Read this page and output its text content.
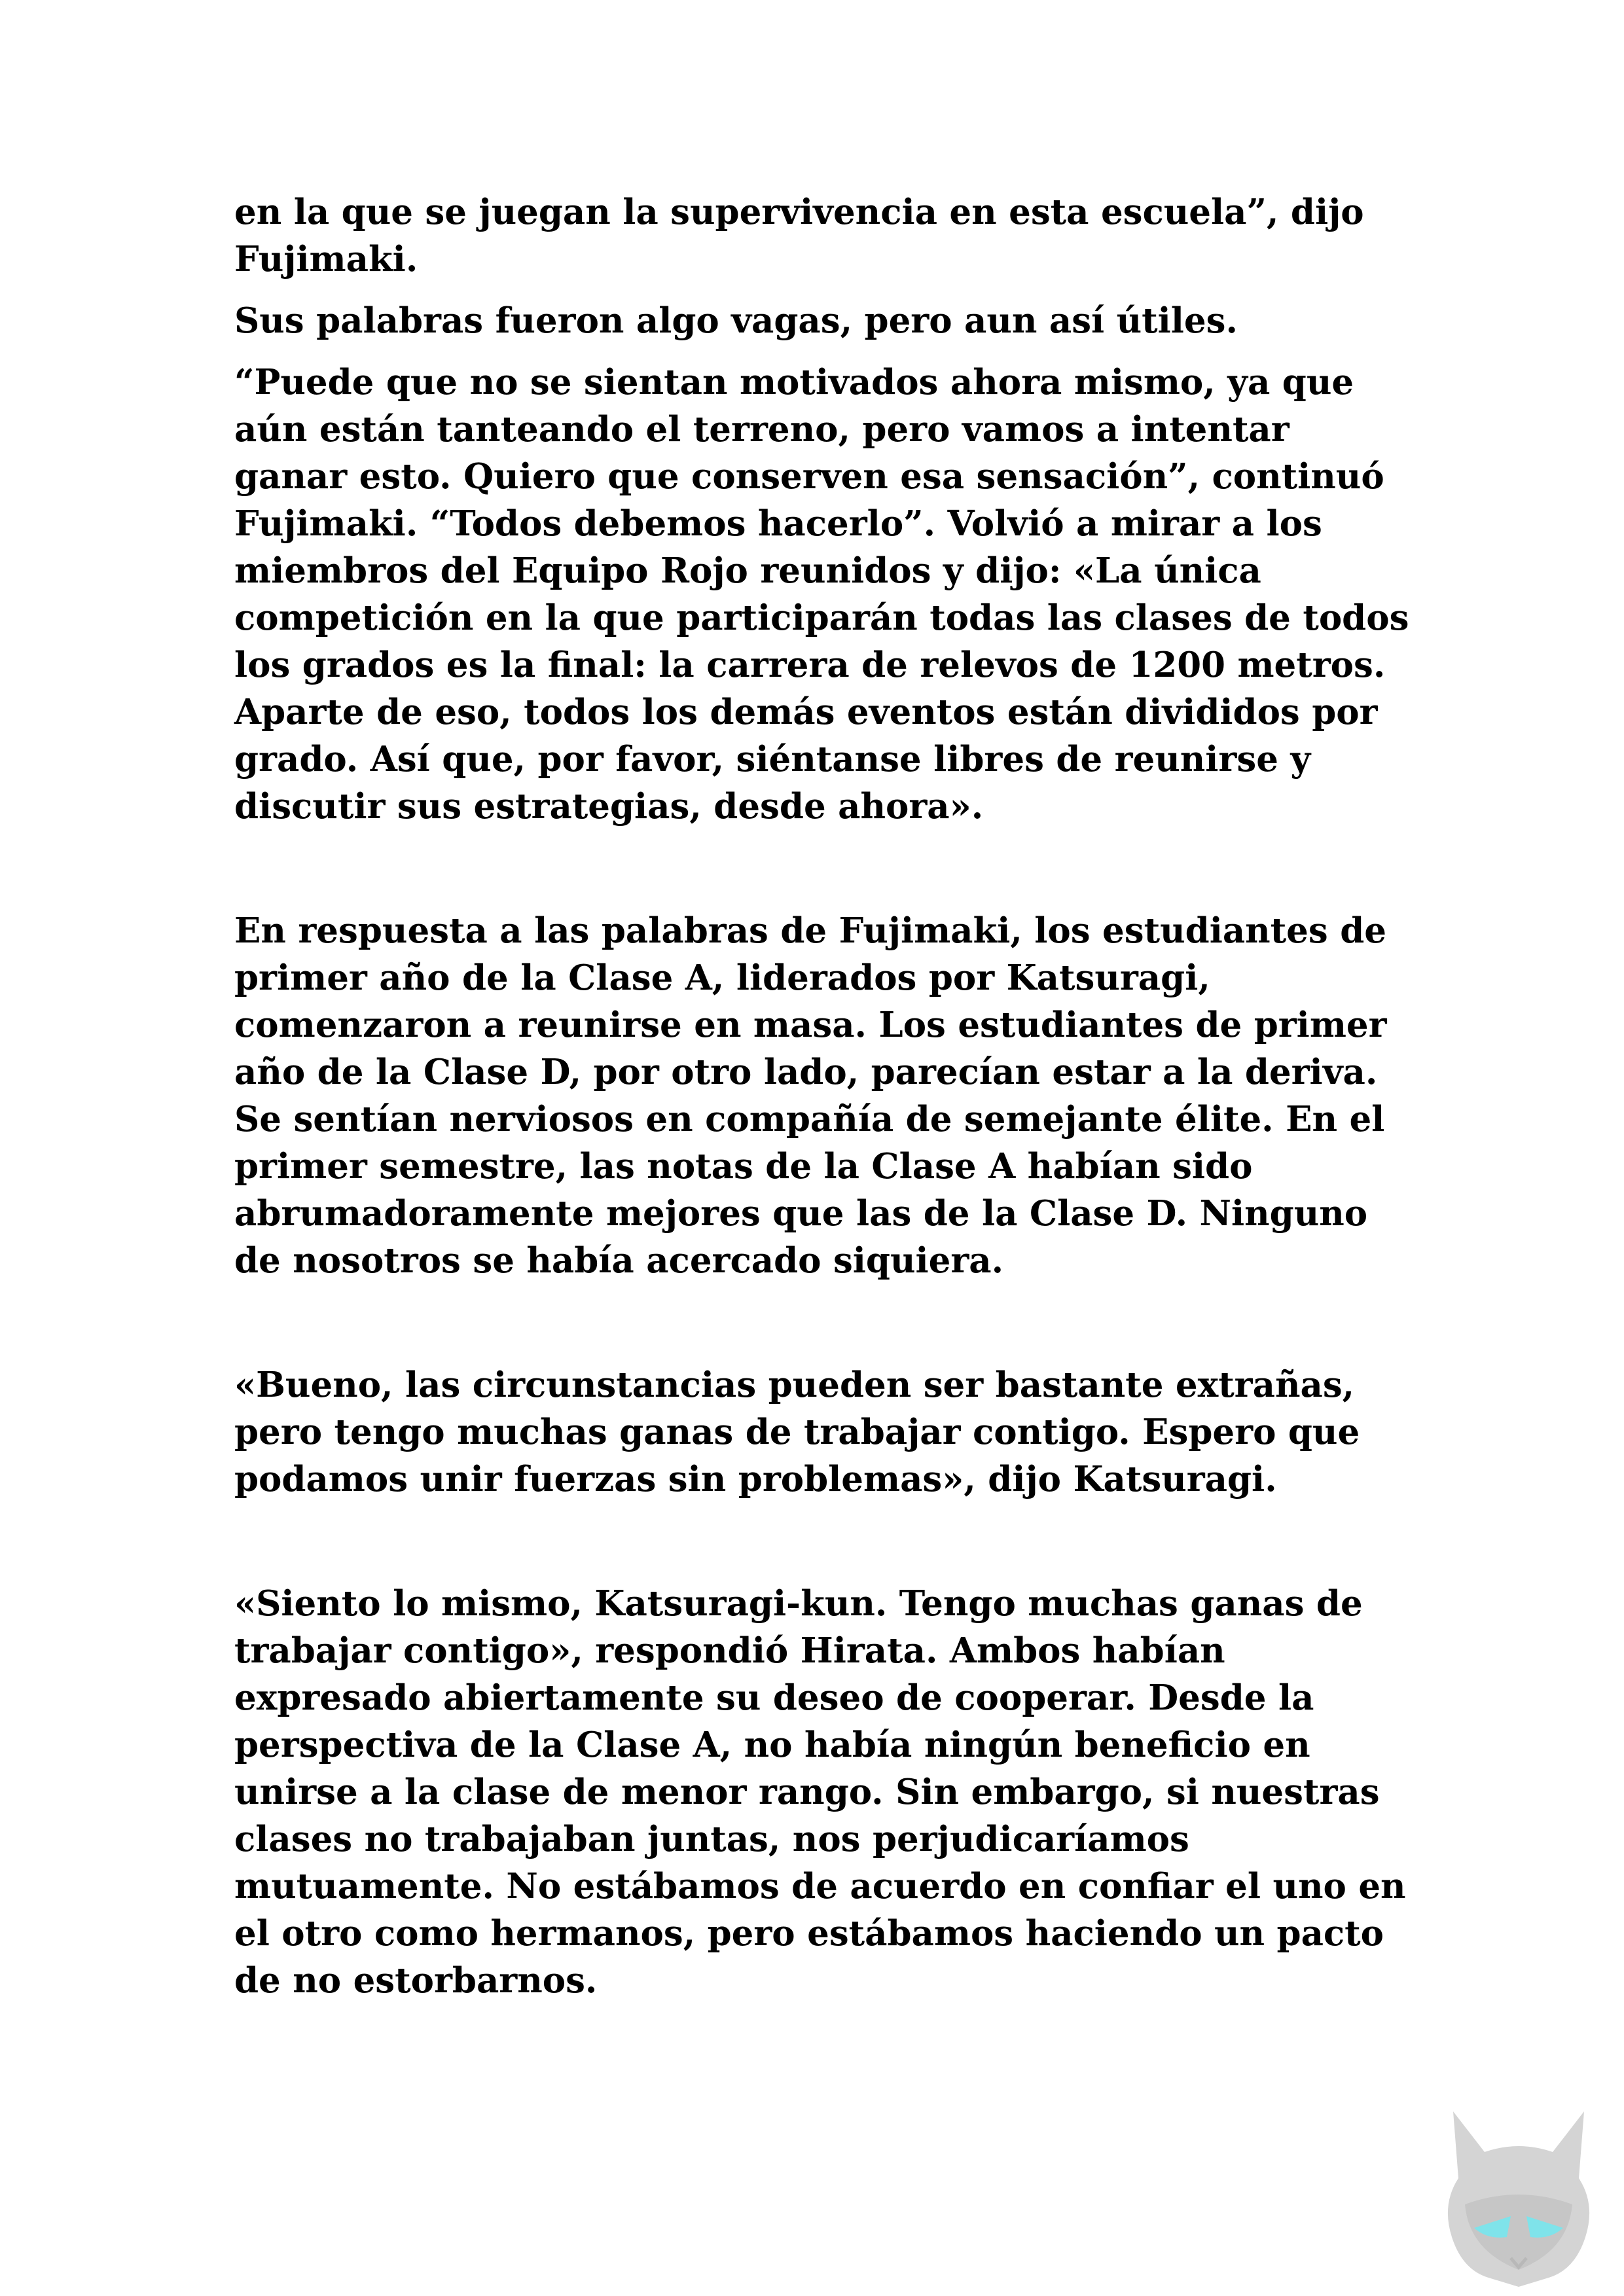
en la que se juegan la supervivencia en esta escuela”, dijo Fujimaki.

Sus palabras fueron algo vagas, pero aun así útiles.

“Puede que no se sientan motivados ahora mismo, ya que aún están tanteando el terreno, pero vamos a intentar ganar esto. Quiero que conserven esa sensación”, continuó Fujimaki. “Todos debemos hacerlo”. Volvió a mirar a los miembros del Equipo Rojo reunidos y dijo: «La única competición en la que participarán todas las clases de todos los grados es la final: la carrera de relevos de 1200 metros. Aparte de eso, todos los demás eventos están divididos por grado. Así que, por favor, siéntanse libres de reunirse y discutir sus estrategias, desde ahora».

En respuesta a las palabras de Fujimaki, los estudiantes de primer año de la Clase A, liderados por Katsuragi, comenzaron a reunirse en masa. Los estudiantes de primer año de la Clase D, por otro lado, parecían estar a la deriva. Se sentían nerviosos en compañía de semejante élite. En el primer semestre, las notas de la Clase A habían sido abrumadoramente mejores que las de la Clase D. Ninguno de nosotros se había acercado siquiera.

«Bueno, las circunstancias pueden ser bastante extrañas, pero tengo muchas ganas de trabajar contigo. Espero que podamos unir fuerzas sin problemas», dijo Katsuragi.

«Siento lo mismo, Katsuragi-kun. Tengo muchas ganas de trabajar contigo», respondió Hirata. Ambos habían expresado abiertamente su deseo de cooperar. Desde la perspectiva de la Clase A, no había ningún beneficio en unirse a la clase de menor rango. Sin embargo, si nuestras clases no trabajaban juntas, nos perjudicaríamos mutuamente. No estábamos de acuerdo en confiar el uno en el otro como hermanos, pero estábamos haciendo un pacto de no estorbarnos.
